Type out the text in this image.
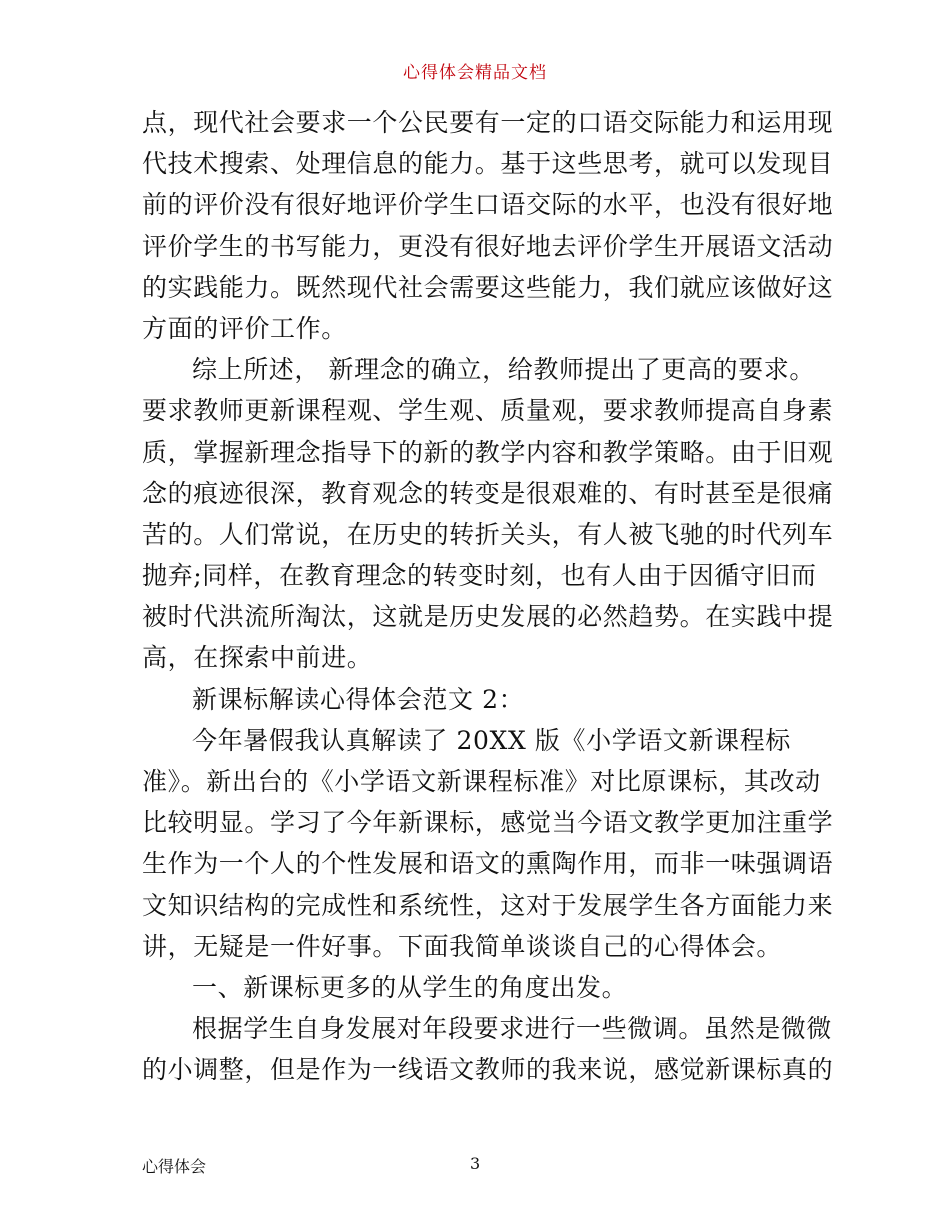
心得体会精品文档
点，现代社会要求一个公民要有一定的口语交际能力和运用现
代技术搜索、处理信息的能力。基于这些思考，就可以发现目
前的评价没有很好地评价学生口语交际的水平，也没有很好地
评价学生的书写能力，更没有很好地去评价学生开展语文活动
的实践能力。既然现代社会需要这些能力，我们就应该做好这
方面的评价工作。
综上所述， 新理念的确立，给教师提出了更高的要求。
要求教师更新课程观、学生观、质量观，要求教师提高自身素
质，掌握新理念指导下的新的教学内容和教学策略。由于旧观
念的痕迹很深，教育观念的转变是很艰难的、有时甚至是很痛
苦的。人们常说，在历史的转折关头，有人被飞驰的时代列车
抛弃;同样，在教育理念的转变时刻，也有人由于因循守旧而
被时代洪流所淘汰，这就是历史发展的必然趋势。在实践中提
高，在探索中前进。
新课标解读心得体会范文 2：
今年暑假我认真解读了 20XX 版《小学语文新课程标
准》。新出台的《小学语文新课程标准》对比原课标，其改动
比较明显。学习了今年新课标，感觉当今语文教学更加注重学
生作为一个人的个性发展和语文的熏陶作用，而非一味强调语
文知识结构的完成性和系统性，这对于发展学生各方面能力来
讲，无疑是一件好事。下面我简单谈谈自己的心得体会。
一、新课标更多的从学生的角度出发。
根据学生自身发展对年段要求进行一些微调。虽然是微微
的小调整，但是作为一线语文教师的我来说，感觉新课标真的
心得体会	3
